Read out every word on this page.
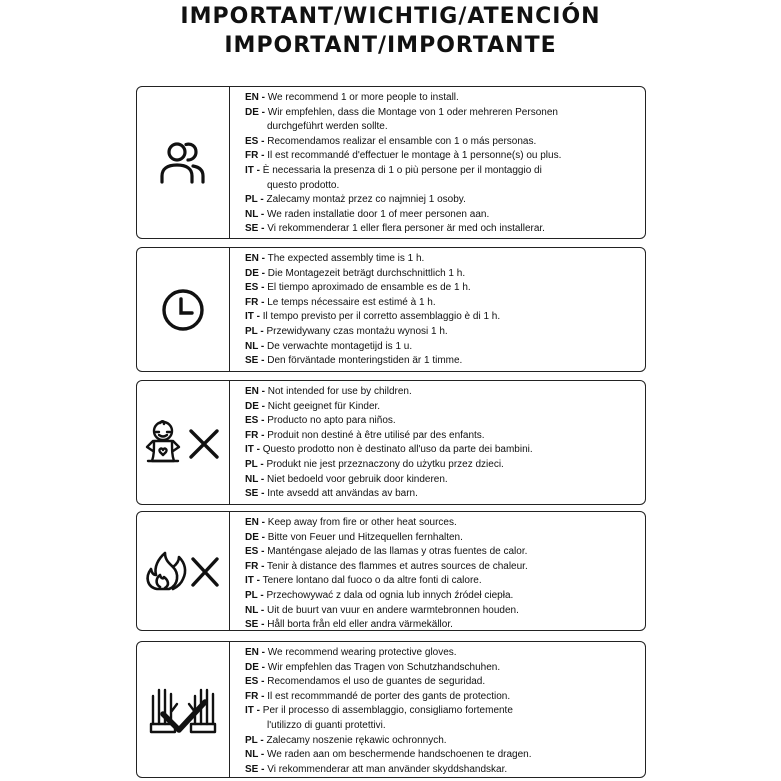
IMPORTANT/WICHTIG/ATENCIÓN
IMPORTANT/IMPORTANTE
EN - We recommend 1 or more people to install.
DE - Wir empfehlen, dass die Montage von 1 oder mehreren Personen
durchgeführt werden sollte.
ES - Recomendamos realizar el ensamble con 1 o más personas.
FR - Il est recommandé d'effectuer le montage à 1 personne(s) ou plus.
IT - È necessaria la presenza di 1 o più persone per il montaggio di
questo prodotto.
PL - Zalecamy montaż przez co najmniej 1 osoby.
NL - We raden installatie door 1 of meer personen aan.
SE - Vi rekommenderar 1 eller flera personer är med och installerar.
EN - The expected assembly time is 1 h.
DE - Die Montagezeit beträgt durchschnittlich 1 h.
ES - El tiempo aproximado de ensamble es de 1 h.
FR - Le temps nécessaire est estimé à 1 h.
IT - Il tempo previsto per il corretto assemblaggio è di 1 h.
PL - Przewidywany czas montażu wynosi 1 h.
NL - De verwachte montagetijd is 1 u.
SE - Den förväntade monteringstiden är 1 timme.
EN - Not intended for use by children.
DE - Nicht geeignet für Kinder.
ES - Producto no apto para niños.
FR - Produit non destiné à être utilisé par des enfants.
IT - Questo prodotto non è destinato all'uso da parte dei bambini.
PL - Produkt nie jest przeznaczony do użytku przez dzieci.
NL - Niet bedoeld voor gebruik door kinderen.
SE - Inte avsedd att användas av barn.
EN - Keep away from fire or other heat sources.
DE - Bitte von Feuer und Hitzequellen fernhalten.
ES - Manténgase alejado de las llamas y otras fuentes de calor.
FR - Tenir à distance des flammes et autres sources de chaleur.
IT - Tenere lontano dal fuoco o da altre fonti di calore.
PL - Przechowywać z dala od ognia lub innych źródeł ciepła.
NL - Uit de buurt van vuur en andere warmtebronnen houden.
SE - Håll borta från eld eller andra värmekällor.
EN - We recommend wearing protective gloves.
DE - Wir empfehlen das Tragen von Schutzhandschuhen.
ES - Recomendamos el uso de guantes de seguridad.
FR - Il est recommmandé de porter des gants de protection.
IT - Per il processo di assemblaggio, consigliamo fortemente
l'utilizzo di guanti protettivi.
PL - Zalecamy noszenie rękawic ochronnych.
NL - We raden aan om beschermende handschoenen te dragen.
SE - Vi rekommenderar att man använder skyddshandskar.
